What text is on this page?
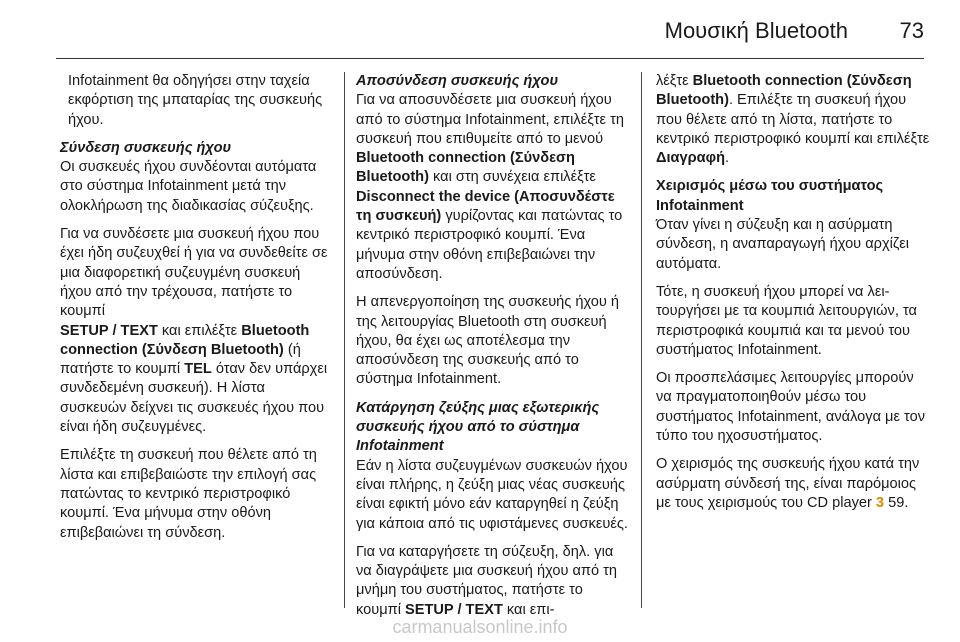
Μουσική Bluetooth 73

Infotainment θα οδηγήσει στην ταχεία εκφόρτιση της μπαταρίας της συσκευής ήχου.

Σύνδεση συσκευής ήχου

Οι συσκευές ήχου συνδέονται αυτόματα στο σύστημα Infotainment μετά την ολοκλήρωση της διαδικασίας σύζευξης.

Για να συνδέσετε μια συσκευή ήχου που έχει ήδη συζευχθεί ή για να συνδεθείτε σε μια διαφορετική συζευγμένη συσκευή ήχου από την τρέχουσα, πατήστε το κουμπί
SETUP / TEXT και επιλέξτε Bluetooth connection (Σύνδεση Bluetooth) (ή πατήστε το κουμπί TEL όταν δεν υπάρχει συνδεδεμένη συσκευή). Η λίστα συσκευών δείχνει τις συσκευές ήχου που είναι ήδη συζευγμένες.

Επιλέξτε τη συσκευή που θέλετε από τη λίστα και επιβεβαιώστε την επιλογή σας πατώντας το κεντρικό περιστροφικό κουμπί. Ένα μήνυμα στην οθόνη επιβεβαιώνει τη σύνδεση.

Αποσύνδεση συσκευής ήχου

Για να αποσυνδέσετε μια συσκευή ήχου από το σύστημα Infotainment, επιλέξτε τη συσκευή που επιθυμείτε από το μενού Bluetooth connection (Σύνδεση Bluetooth) και στη συνέχεια επιλέξτε Disconnect the device (Αποσυνδέστε τη συσκευή) γυρίζοντας και πατώντας το κεντρικό περιστροφικό κουμπί. Ένα μήνυμα στην οθόνη επιβεβαιώνει την αποσύνδεση.

Η απενεργοποίηση της συσκευής ήχου ή της λειτουργίας Bluetooth στη συσκευή ήχου, θα έχει ως αποτέλεσμα την αποσύνδεση της συσκευής από το σύστημα Infotainment.

Κατάργηση ζεύξης μιας εξωτερικής συσκευής ήχου από το σύστημα Infotainment

Εάν η λίστα συζευγμένων συσκευών ήχου είναι πλήρης, η ζεύξη μιας νέας συσκευής είναι εφικτή μόνο εάν καταργηθεί η ζεύξη για κάποια από τις υφιστάμενες συσκευές.

Για να καταργήσετε τη σύζευξη, δηλ. για να διαγράψετε μια συσκευή ήχου από τη μνήμη του συστήματος, πατήστε το κουμπί SETUP / TEXT και επι-

λέξτε Bluetooth connection (Σύνδεση Bluetooth). Επιλέξτε τη συσκευή ήχου που θέλετε από τη λίστα, πατήστε το κεντρικό περιστροφικό κουμπί και επιλέξτε Διαγραφή.

Χειρισμός μέσω του συστήματος Infotainment

Όταν γίνει η σύζευξη και η ασύρματη σύνδεση, η αναπαραγωγή ήχου αρχίζει αυτόματα.

Τότε, η συσκευή ήχου μπορεί να λειτουργήσει με τα κουμπιά λειτουργιών, τα περιστροφικά κουμπιά και τα μενού του συστήματος Infotainment.

Οι προσπελάσιμες λειτουργίες μπορούν να πραγματοποιηθούν μέσω του συστήματος Infotainment, ανάλογα με τον τύπο του ηχοσυστήματος.

Ο χειρισμός της συσκευής ήχου κατά την ασύρματη σύνδεσή της, είναι παρόμοιος με τους χειρισμούς του CD player 3 59.

carmanualsonline.info
